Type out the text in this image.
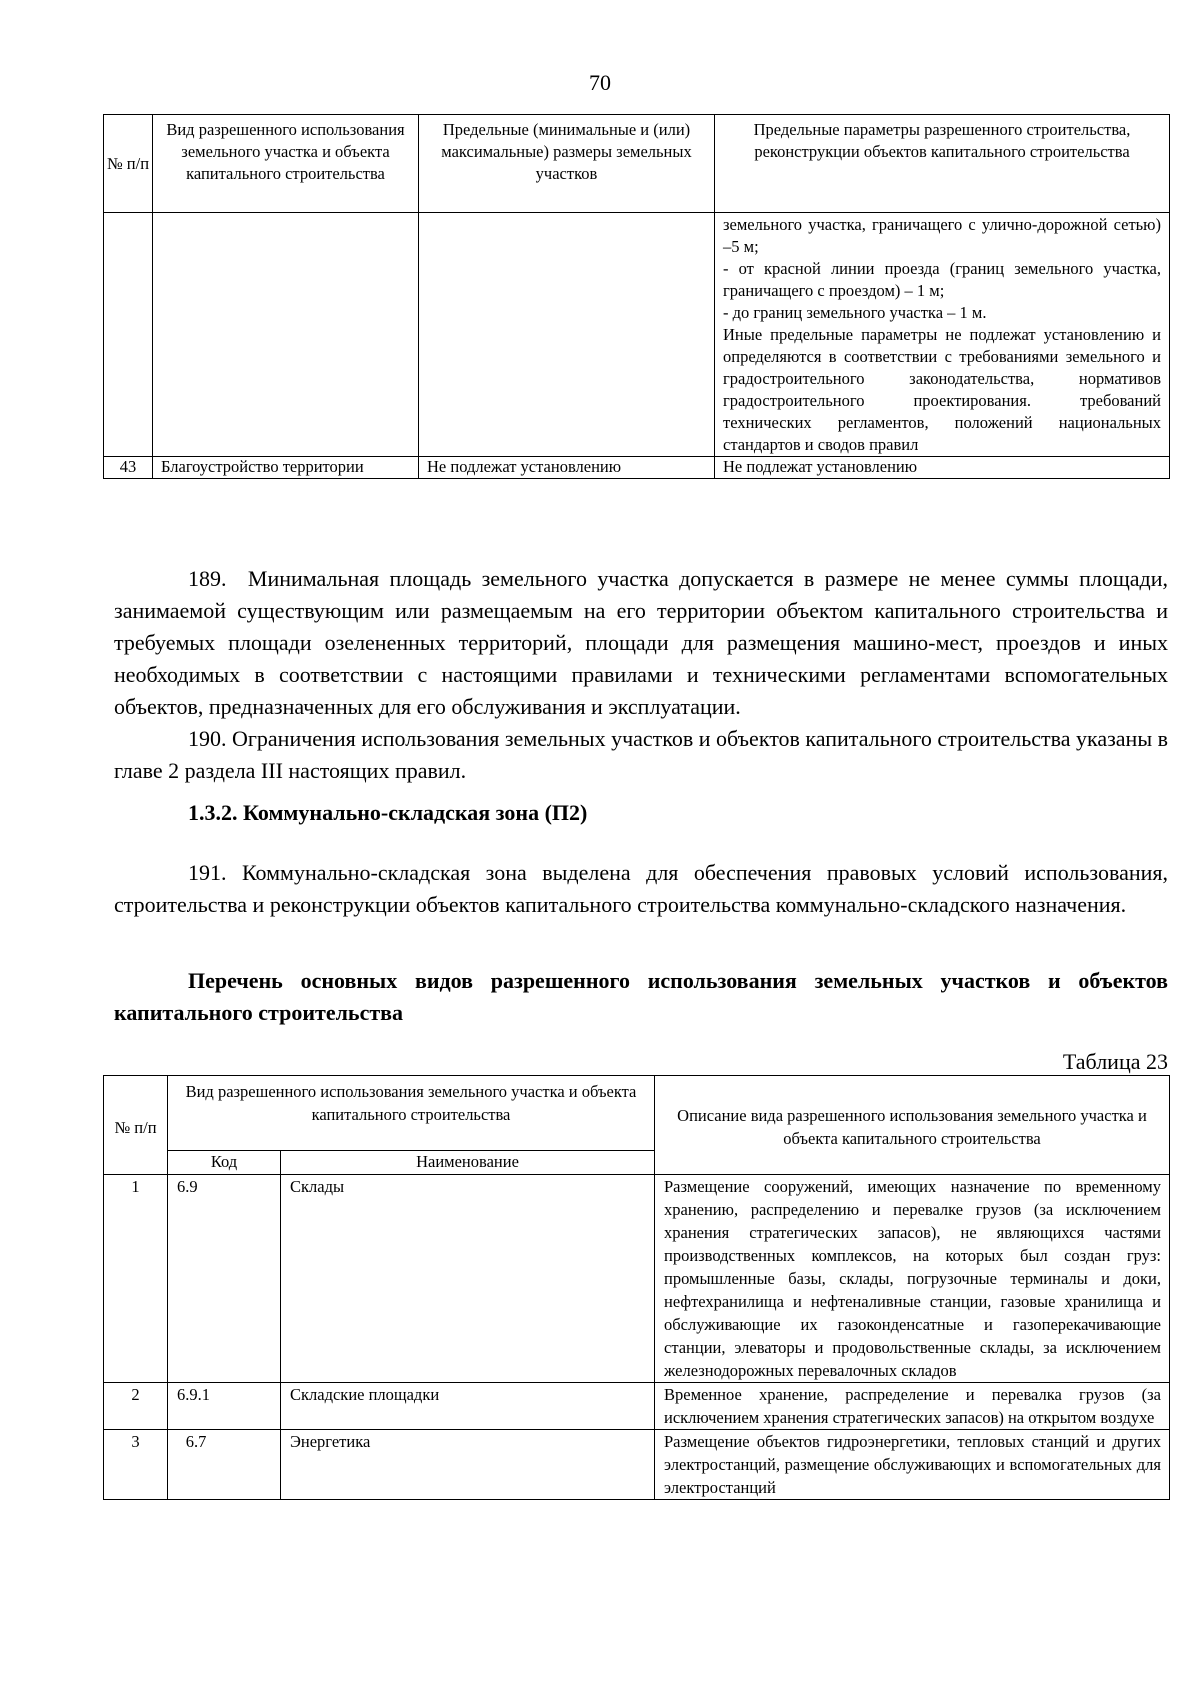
70
№ п/п	Вид разрешенного использования земельного участка и объекта капитального строительства	Предельные (минимальные и (или) максимальные) размеры земельных участков	Предельные параметры разрешенного строительства, реконструкции объектов капитального строительства

			земельного участка, граничащего с улично-дорожной сетью) –5 м;
- от красной линии проезда (границ земельного участка, граничащего с проездом) – 1 м;
- до границ земельного участка – 1 м.
Иные предельные параметры не подлежат установлению и определяются в соответствии с требованиями земельного и градостроительного законодательства, нормативов градостроительного проектирования. требований технических регламентов, положений национальных стандартов и сводов правил

43	Благоустройство территории	Не подлежат установлению	Не подлежат установлению

189.  Минимальная площадь земельного участка допускается в размере не менее суммы площади, занимаемой существующим или размещаемым на его территории объектом капитального строительства и требуемых площади озелененных территорий, площади для размещения машино-мест, проездов и иных необходимых в соответствии с настоящими правилами и техническими регламентами вспомогательных объектов, предназначенных для его обслуживания и эксплуатации.

190. Ограничения использования земельных участков и объектов капитального строительства указаны в главе 2 раздела III настоящих правил.

1.3.2. Коммунально-складская зона (П2)

191. Коммунально-складская зона выделена для обеспечения правовых условий использования, строительства и реконструкции объектов капитального строительства коммунально-складского назначения.

Перечень основных видов разрешенного использования земельных участков и объектов капитального строительства
Таблица 23
№ п/п	Вид разрешенного использования земельного участка и объекта капитального строительства		Описание вида разрешенного использования земельного участка и объекта капитального строительства
	Код	Наименование	
1	6.9	Склады	Размещение сооружений, имеющих назначение по временному хранению, распределению и перевалке грузов (за исключением хранения стратегических запасов), не являющихся частями производственных комплексов, на которых был создан груз: промышленные базы, склады, погрузочные терминалы и доки, нефтехранилища и нефтеналивные станции, газовые хранилища и обслуживающие их газоконденсатные и газоперекачивающие станции, элеваторы и продовольственные склады, за исключением железнодорожных перевалочных складов
2	6.9.1	Складские площадки	Временное хранение, распределение и перевалка грузов (за исключением хранения стратегических запасов) на открытом воздухе
3	6.7	Энергетика	Размещение объектов гидроэнергетики, тепловых станций и других электростанций, размещение обслуживающих и вспомогательных для электростанций
